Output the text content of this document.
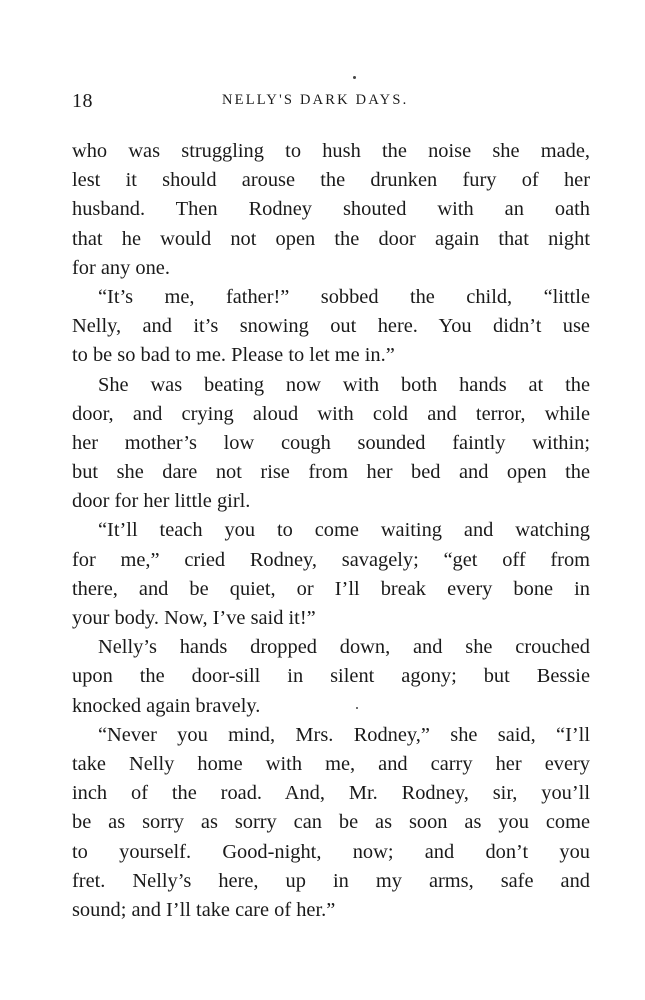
18	NELLY'S DARK DAYS.
who was struggling to hush the noise she made,
lest it should arouse the drunken fury of her
husband. Then Rodney shouted with an oath
that he would not open the door again that night
for any one.
“It’s me, father!” sobbed the child, “little
Nelly, and it’s snowing out here. You didn’t use
to be so bad to me. Please to let me in.”
She was beating now with both hands at the
door, and crying aloud with cold and terror, while
her mother’s low cough sounded faintly within;
but she dare not rise from her bed and open the
door for her little girl.
“It’ll teach you to come waiting and watching
for me,” cried Rodney, savagely; “get off from
there, and be quiet, or I’ll break every bone in
your body. Now, I’ve said it!”
Nelly’s hands dropped down, and she crouched
upon the door-sill in silent agony; but Bessie
knocked again bravely.
“Never you mind, Mrs. Rodney,” she said, “I’ll
take Nelly home with me, and carry her every
inch of the road. And, Mr. Rodney, sir, you’ll
be as sorry as sorry can be as soon as you come
to yourself. Good-night, now; and don’t you
fret. Nelly’s here, up in my arms, safe and
sound; and I’ll take care of her.”
